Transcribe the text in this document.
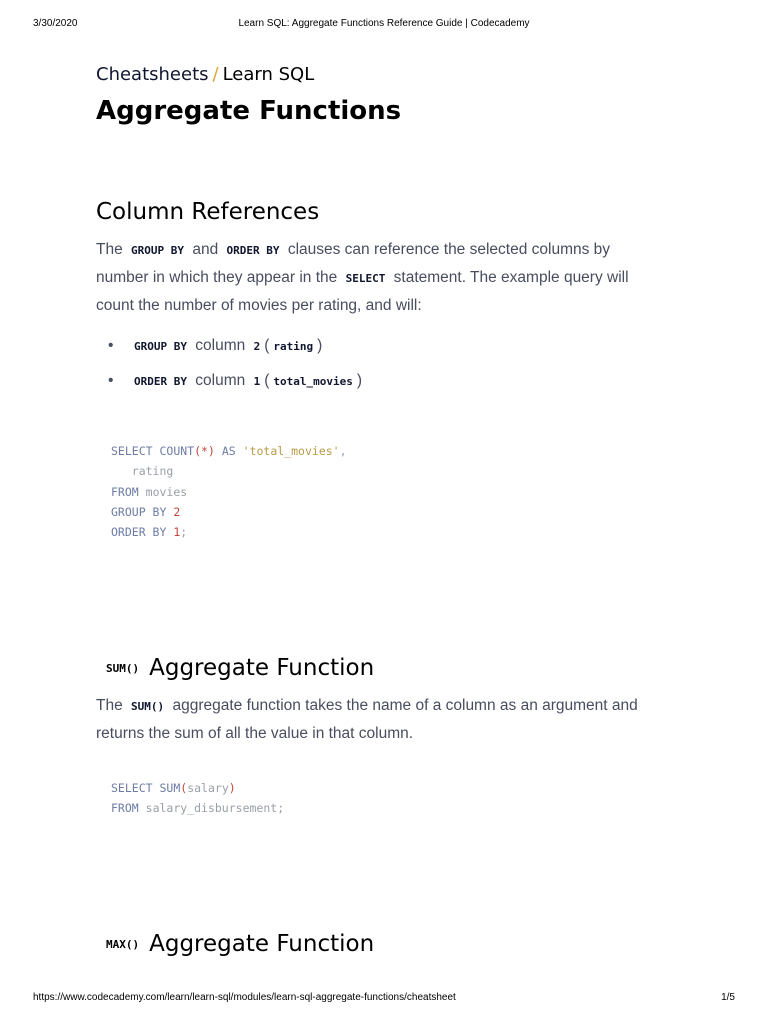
3/30/2020	Learn SQL: Aggregate Functions Reference Guide | Codecademy
Cheatsheets / Learn SQL
Aggregate Functions
Column References

The GROUP BY and ORDER BY clauses can reference the selected columns by number in which they appear in the SELECT statement. The example query will count the number of movies per rating, and will:

• GROUP BY column 2 ( rating )
• ORDER BY column 1 ( total_movies )
SELECT COUNT(*) AS 'total_movies',
rating
FROM movies
GROUP BY 2
ORDER BY 1;
SUM() Aggregate Function

The SUM() aggregate function takes the name of a column as an argument and returns the sum of all the value in that column.

SELECT SUM(salary)
FROM salary_disbursement;
MAX() Aggregate Function
https://www.codecademy.com/learn/learn-sql/modules/learn-sql-aggregate-functions/cheatsheet	1/5
